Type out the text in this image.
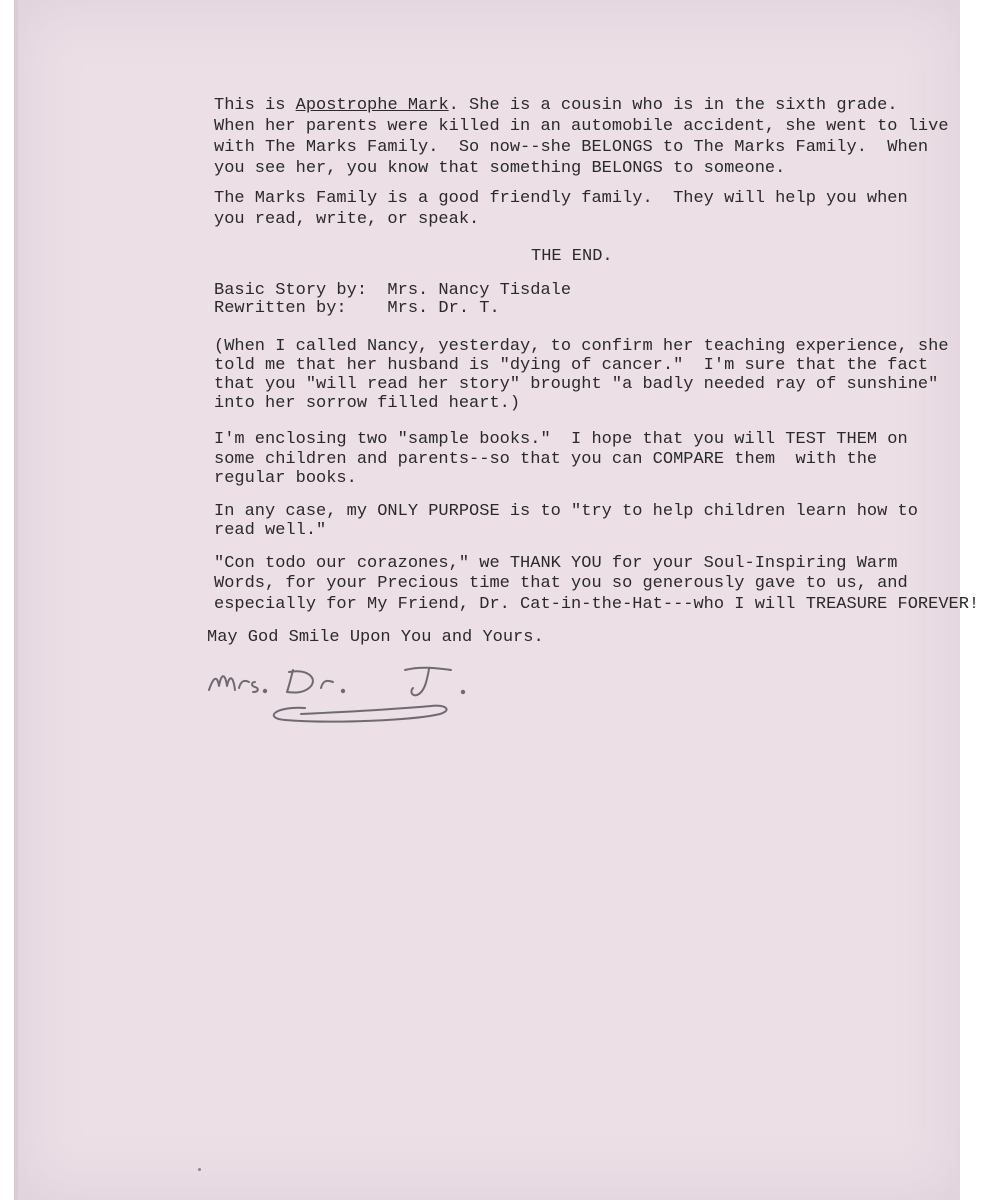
This is Apostrophe Mark. She is a cousin who is in the sixth grade.

When her parents were killed in an automobile accident, she went to live

with The Marks Family.  So now--she BELONGS to The Marks Family.  When

you see her, you know that something BELONGS to someone.

The Marks Family is a good friendly family.  They will help you when

you read, write, or speak.

THE END.

Basic Story by:  Mrs. Nancy Tisdale

Rewritten by:    Mrs. Dr. T.

(When I called Nancy, yesterday, to confirm her teaching experience, she

told me that her husband is "dying of cancer."  I'm sure that the fact

that you "will read her story" brought "a badly needed ray of sunshine"

into her sorrow filled heart.)

I'm enclosing two "sample books."  I hope that you will TEST THEM on

some children and parents--so that you can COMPARE them  with the

regular books.

In any case, my ONLY PURPOSE is to "try to help children learn how to

read well."

"Con todo our corazones," we THANK YOU for your Soul-Inspiring Warm

Words, for your Precious time that you so generously gave to us, and

especially for My Friend, Dr. Cat-in-the-Hat---who I will TREASURE FOREVER!

May God Smile Upon You and Yours.
